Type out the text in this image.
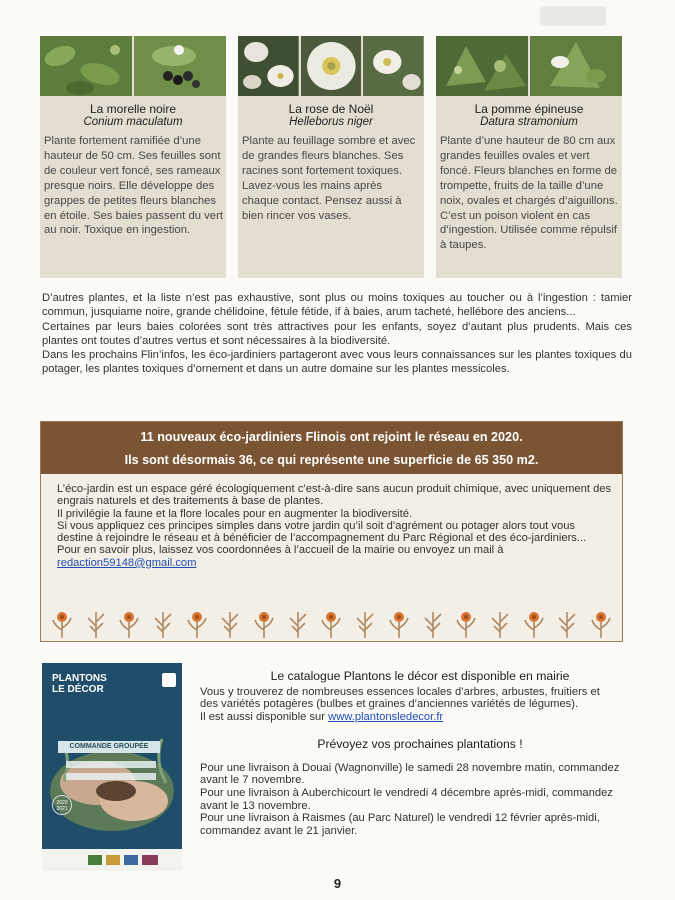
La morelle noire
Conium maculatum
Plante fortement ramifiée d’une hauteur de 50 cm. Ses feuilles sont de couleur vert foncé, ses rameaux presque noirs. Elle développe des grappes de petites fleurs blanches en étoile. Ses baies passent du vert au noir. Toxique en ingestion.
La rose de Noël
Helleborus niger
Plante au feuillage sombre et avec de grandes fleurs blanches. Ses racines sont fortement toxiques. Lavez-vous les mains après chaque contact. Pensez aussi à bien rincer vos vases.
La pomme épineuse
Datura stramonium
Plante d’une hauteur de 80 cm aux grandes feuilles ovales et vert foncé. Fleurs blanches en forme de trompette, fruits de la taille d’une noix, ovales et chargés d’aiguillons. C’est un poison violent en cas d’ingestion. Utilisée comme répulsif à taupes.

D’autres plantes, et la liste n’est pas exhaustive, sont plus ou moins toxiques au toucher ou à l’ingestion : tamier commun, jusquiame noire, grande chélidoine, fétule fétide, if à baies, arum tacheté, hellébore des anciens...

Certaines par leurs baies colorées sont très attractives pour les enfants, soyez d’autant plus prudents. Mais ces plantes ont toutes d’autres vertus et sont nécessaires à la biodiversité.

Dans les prochains Flin’infos, les éco-jardiniers partageront avec vous leurs connaissances sur les plantes toxiques du potager, les plantes toxiques d’ornement et dans un autre domaine sur les plantes messicoles.

11 nouveaux éco-jardiniers Flinois ont rejoint le réseau en 2020.
Ils sont désormais 36, ce qui représente une superficie de 65 350 m2.

L’éco-jardin est un espace géré écologiquement c’est-à-dire sans aucun produit chimique, avec uniquement des engrais naturels et des traitements à base de plantes.

Il privilégie la faune et la flore locales pour en augmenter la biodiversité.

Si vous appliquez ces principes simples dans votre jardin qu’il soit d’agrément ou potager alors tout vous destine à rejoindre le réseau et à bénéficier de l’accompagnement du Parc Régional et des éco-jardiniers...

Pour en savoir plus, laissez vos coordonnées à l’accueil de la mairie ou envoyez un mail à

redaction59148@gmail.com

PLANTONS
LE DÉCOR
COMMANDE GROUPÉE
2020
2021
Le catalogue Plantons le décor est disponible en mairie

Vous y trouverez de nombreuses essences locales d’arbres, arbustes, fruitiers et des variétés potagères (bulbes et graines d’anciennes variétés de légumes).

Il est aussi disponible sur www.plantonsledecor.fr

Prévoyez vos prochaines plantations !

Pour une livraison à Douai (Wagnonville) le samedi 28 novembre matin, commandez avant le 7 novembre.

Pour une livraison à Auberchicourt le vendredi 4 décembre après-midi, commandez avant le 13 novembre.

Pour une livraison à Raismes (au Parc Naturel) le vendredi 12 février après-midi, commandez avant le 21 janvier.

9
